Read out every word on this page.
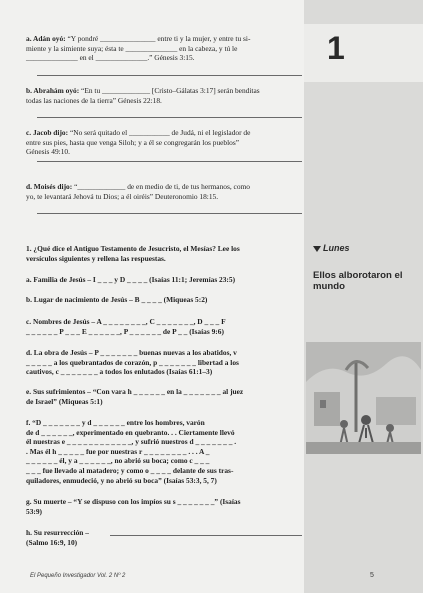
1
a. Adán oyó: “Y pondré _______________ entre ti y la mujer, y entre tu si-
miente y la simiente suya; ésta te ______________ en la cabeza, y tú le
______________ en el ______________.” Génesis 3:15.
b. Abrahám oyó: “En tu _____________ [Cristo–Gálatas 3:17] serán benditas
todas las naciones de la tierra” Génesis 22:18.
c. Jacob dijo: “No será quitado el ___________ de Judá, ni el legislador de
entre sus pies, hasta que venga Siloh; y a él se congregarán los pueblos”
Génesis 49:10.
d. Moisés dijo: “_____________ de en medio de ti, de tus hermanos, como
yo, te levantará Jehová tu Dios; a él oiréis” Deuteronomio 18:15.
1. ¿Qué dice el Antiguo Testamento de Jesucristo, el Mesías? Lee los
versículos siguientes y rellena las respuestas.
a. Familia de Jesús – I _ _ _ y D _ _ _ _ (Isaías 11:1; Jeremías 23:5)
b. Lugar de nacimiento de Jesús – B _ _ _ _ (Miqueas 5:2)
c. Nombres de Jesús – A _ _ _ _ _ _ _ _, C _ _ _ _ _ _ _, D _ _ _ F
_ _ _ _ _ _ P _ _ _ E _ _ _ _ _ _, P _ _ _ _ _ _ de P _ _ (Isaías 9:6)
d. La obra de Jesús – P _ _ _ _ _ _ _ buenas nuevas a los abatidos, v
_ _ _ _ _ a los quebrantados de corazón, p _ _ _ _ _ _ _ libertad a los
cautivos, c _ _ _ _ _ _ _ a todos los enlutados (Isaías 61:1–3)
e. Sus sufrimientos – “Con vara h _ _ _ _ _ _ en la _ _ _ _ _ _ _ al juez
de Israel” (Miqueas 5:1)
f. “D _ _ _ _ _ _ _ y d _ _ _ _ _ _ entre los hombres, varón
de d _ _ _ _ _ _, experimentado en quebranto. . . Ciertamente llevó
él nuestras e _ _ _ _ _ _ _ _ _ _ _ _, y sufrió nuestros d _ _ _ _ _ _ _ .
. Mas él h _ _ _ _ _ fue por nuestras r _ _ _ _ _ _ _ _ . . . A _
_ _ _ _ _ _ él, y a _ _ _ _ _ _, no abrió su boca; como c _ _ _
_ _ _ fue llevado al matadero; y como o _ _ _ _ delante de sus tras-
quiladores, enmudeció, y no abrió su boca” (Isaías 53:3, 5, 7)
g. Su muerte – “Y se dispuso con los impíos su s _ _ _ _ _ _ _” (Isaías
53:9)
h. Su resurrección –
(Salmo 16:9, 10)
Lunes
Ellos alborotaron el mundo
El Pequeño Investigador Vol. 2 Nº 2	5
